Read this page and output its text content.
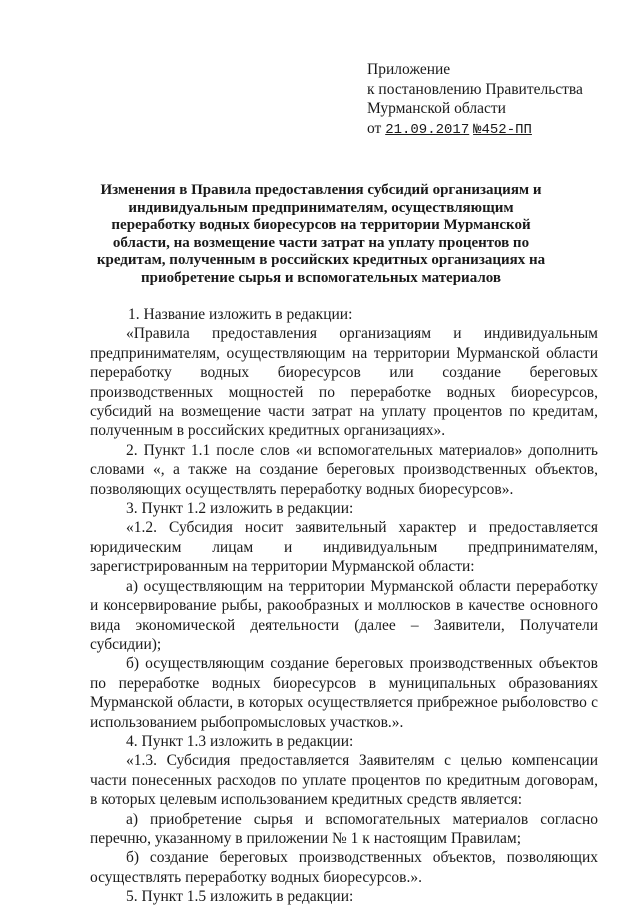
Приложение
к постановлению Правительства
Мурманской области
от 21.09.2017 №452-ПП
Изменения в Правила предоставления субсидий организациям и индивидуальным предпринимателям, осуществляющим переработку водных биоресурсов на территории Мурманской области, на возмещение части затрат на уплату процентов по кредитам, полученным в российских кредитных организациях на приобретение сырья и вспомогательных материалов

1. Название изложить в редакции:

«Правила предоставления организациям и индивидуальным предпринимателям, осуществляющим на территории Мурманской области переработку водных биоресурсов или создание береговых производственных мощностей по переработке водных биоресурсов, субсидий на возмещение части затрат на уплату процентов по кредитам, полученным в российских кредитных организациях».

2. Пункт 1.1 после слов «и вспомогательных материалов» дополнить словами «, а также на создание береговых производственных объектов, позволяющих осуществлять переработку водных биоресурсов».

3. Пункт 1.2 изложить в редакции:

«1.2. Субсидия носит заявительный характер и предоставляется юридическим лицам и индивидуальным предпринимателям, зарегистрированным на территории Мурманской области:

а) осуществляющим на территории Мурманской области переработку и консервирование рыбы, ракообразных и моллюсков в качестве основного вида экономической деятельности (далее – Заявители, Получатели субсидии);

б) осуществляющим создание береговых производственных объектов по переработке водных биоресурсов в муниципальных образованиях Мурманской области, в которых осуществляется прибрежное рыболовство с использованием рыбопромысловых участков.».

4. Пункт 1.3 изложить в редакции:

«1.3. Субсидия предоставляется Заявителям с целью компенсации части понесенных расходов по уплате процентов по кредитным договорам, в которых целевым использованием кредитных средств является:

а) приобретение сырья и вспомогательных материалов согласно перечню, указанному в приложении № 1 к настоящим Правилам;

б) создание береговых производственных объектов, позволяющих осуществлять переработку водных биоресурсов.».

5. Пункт 1.5 изложить в редакции:
